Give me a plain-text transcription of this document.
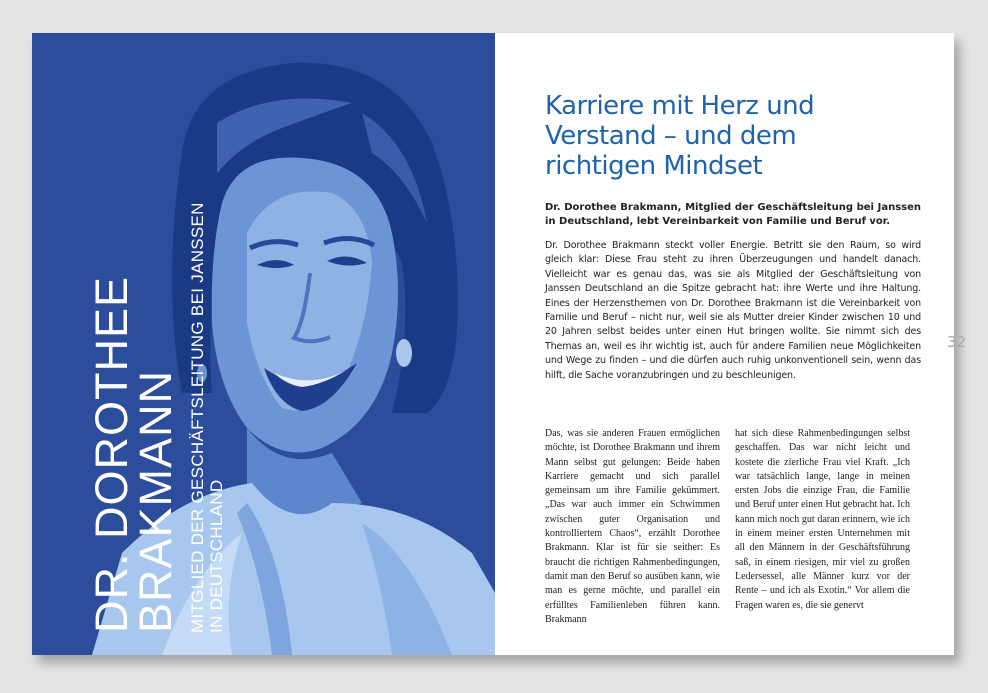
DR. DOROTHEE
BRAKMANN MITGLIED DER GESCHÄFTSLEITUNG BEI JANSSEN IN DEUTSCHLAND
Karriere mit Herz und
Verstand – und dem
richtigen Mindset
Dr. Dorothee Brakmann, Mitglied der Geschäftsleitung bei Janssen in Deutschland, lebt Vereinbarkeit von Familie und Beruf vor.
Dr. Dorothee Brakmann steckt voller Energie. Betritt sie den Raum, so wird gleich klar: Diese Frau steht zu ihren Überzeugungen und handelt danach. Vielleicht war es genau das, was sie als Mitglied der Geschäftsleitung von Janssen Deutschland an die Spitze gebracht hat: ihre Werte und ihre Haltung. Eines der Herzensthemen von Dr. Dorothee Brakmann ist die Vereinbarkeit von Familie und Beruf – nicht nur, weil sie als Mutter dreier Kinder zwischen 10 und 20 Jahren selbst beides unter einen Hut bringen wollte. Sie nimmt sich des Themas an, weil es ihr wichtig ist, auch für andere Familien neue Möglichkeiten und Wege zu finden – und die dürfen auch ruhig unkonventionell sein, wenn das hilft, die Sache voranzubringen und zu beschleunigen.
32
Das, was sie anderen Frauen ermöglichen möchte, ist Dorothee Brakmann und ihrem Mann selbst gut gelungen: Beide haben Karriere gemacht und sich parallel gemeinsam um ihre Familie gekümmert. „Das war auch immer ein Schwimmen zwischen guter Organisation und kontrolliertem Chaos“, erzählt Dorothee Brakmann. Klar ist für sie seither: Es braucht die richtigen Rahmenbedingungen, damit man den Beruf so ausüben kann, wie man es gerne möchte, und parallel ein erfülltes Familienleben führen kann. Brakmann
hat sich diese Rahmenbedingungen selbst geschaffen. Das war nicht leicht und kostete die zierliche Frau viel Kraft. „Ich war tatsächlich lange, lange in meinen ersten Jobs die einzige Frau, die Familie und Beruf unter einen Hut gebracht hat. Ich kann mich noch gut daran erinnern, wie ich in einem meiner ersten Unternehmen mit all den Männern in der Geschäftsführung saß, in einem riesigen, mir viel zu großen Ledersessel, alle Männer kurz vor der Rente – und ich als Exotin.“ Vor allem die Fragen waren es, die sie genervt
